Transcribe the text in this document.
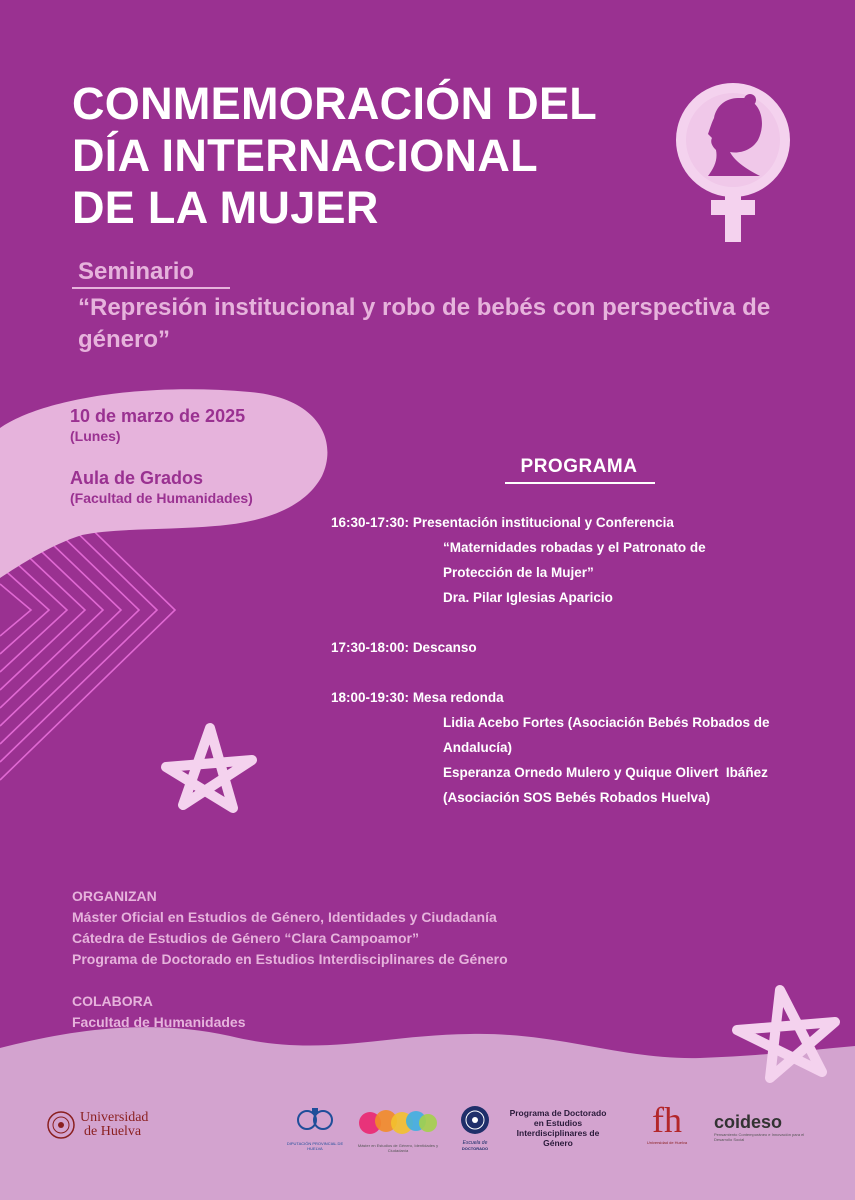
CONMEMORACIÓN DEL
DÍA INTERNACIONAL
DE LA MUJER
Seminario
“Represión institucional y robo de bebés con perspectiva de género”
10 de marzo de 2025
(Lunes)
Aula de Grados
(Facultad de Humanidades)
PROGRAMA
16:30-17:30: Presentación institucional y Conferencia
“Maternidades robadas y el Patronato de
Protección de la Mujer”
Dra. Pilar Iglesias Aparicio
17:30-18:00: Descanso
18:00-19:30: Mesa redonda
Lidia Acebo Fortes (Asociación Bebés Robados de
Andalucía)
Esperanza Ornedo Mulero y Quique Olivert  Ibáñez
(Asociación SOS Bebés Robados Huelva)
ORGANIZAN
Máster Oficial en Estudios de Género, Identidades y Ciudadanía
Cátedra de Estudios de Género “Clara Campoamor”
Programa de Doctorado en Estudios Interdisciplinares de Género
COLABORA
Facultad de Humanidades
Universidad
de Huelva
DIPUTACIÓN PROVINCIAL DE HUELVA
Máster en Estudios de Género, Identidades y Ciudadanía
Escuela de
DOCTORADO
Programa de Doctorado
en Estudios
Interdisciplinares de
Género
fh
Universidad de Huelva
coideso
Pensamiento Contemporáneo e Innovación para el Desarrollo Social
